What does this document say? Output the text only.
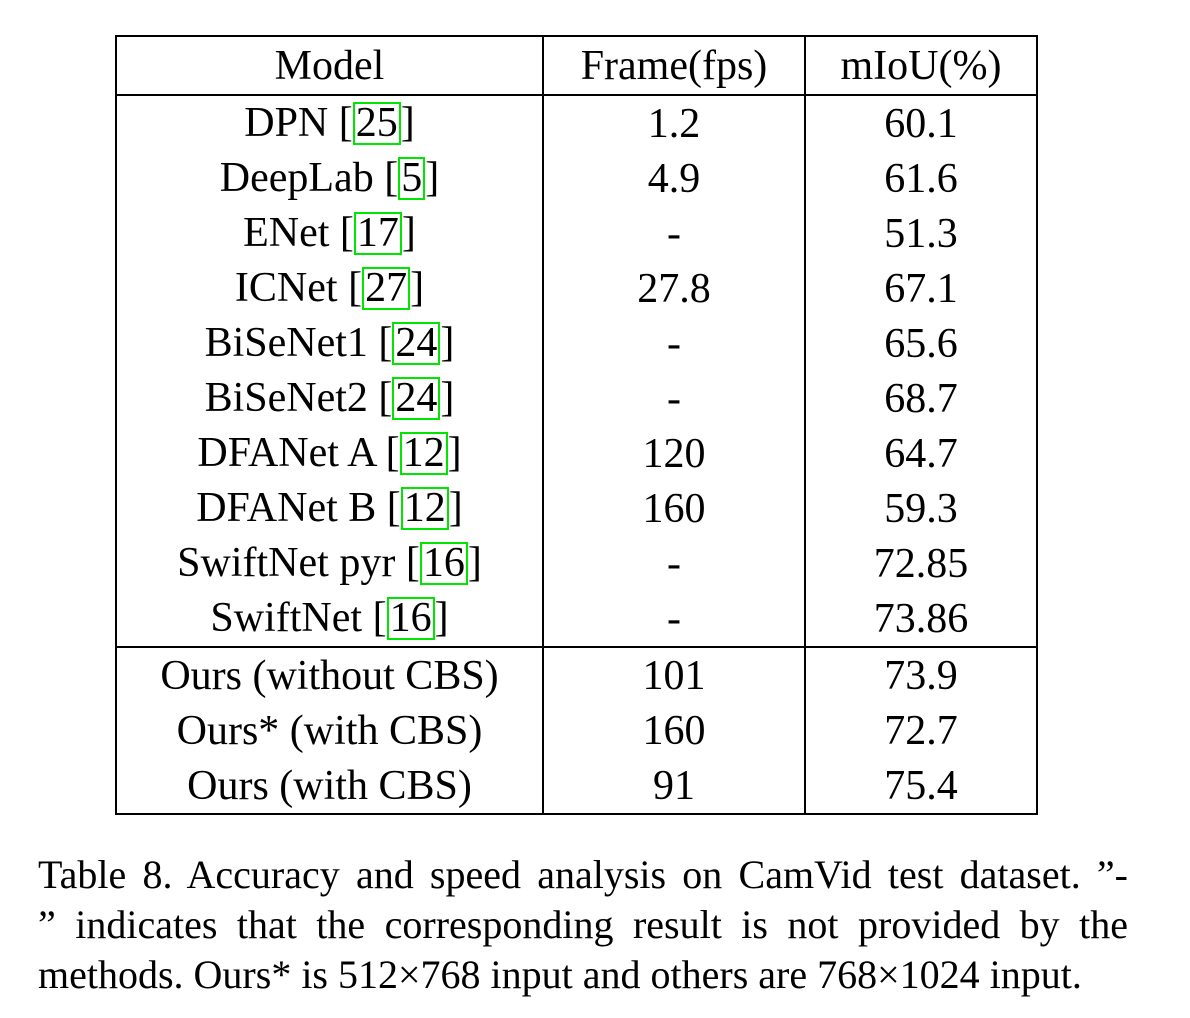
Model	Frame(fps)	mIoU(%)
DPN [25]	1.2	60.1
DeepLab [5]	4.9	61.6
ENet [17]	-	51.3
ICNet [27]	27.8	67.1
BiSeNet1 [24]	-	65.6
BiSeNet2 [24]	-	68.7
DFANet A [12]	120	64.7
DFANet B [12]	160	59.3
SwiftNet pyr [16]	-	72.85
SwiftNet [16]	-	73.86
Ours (without CBS)	101	73.9
Ours* (with CBS)	160	72.7
Ours (with CBS)	91	75.4
Table 8. Accuracy and speed analysis on CamVid test dataset. ”-
” indicates that the corresponding result is not provided by the
methods. Ours* is 512×768 input and others are 768×1024 input.
